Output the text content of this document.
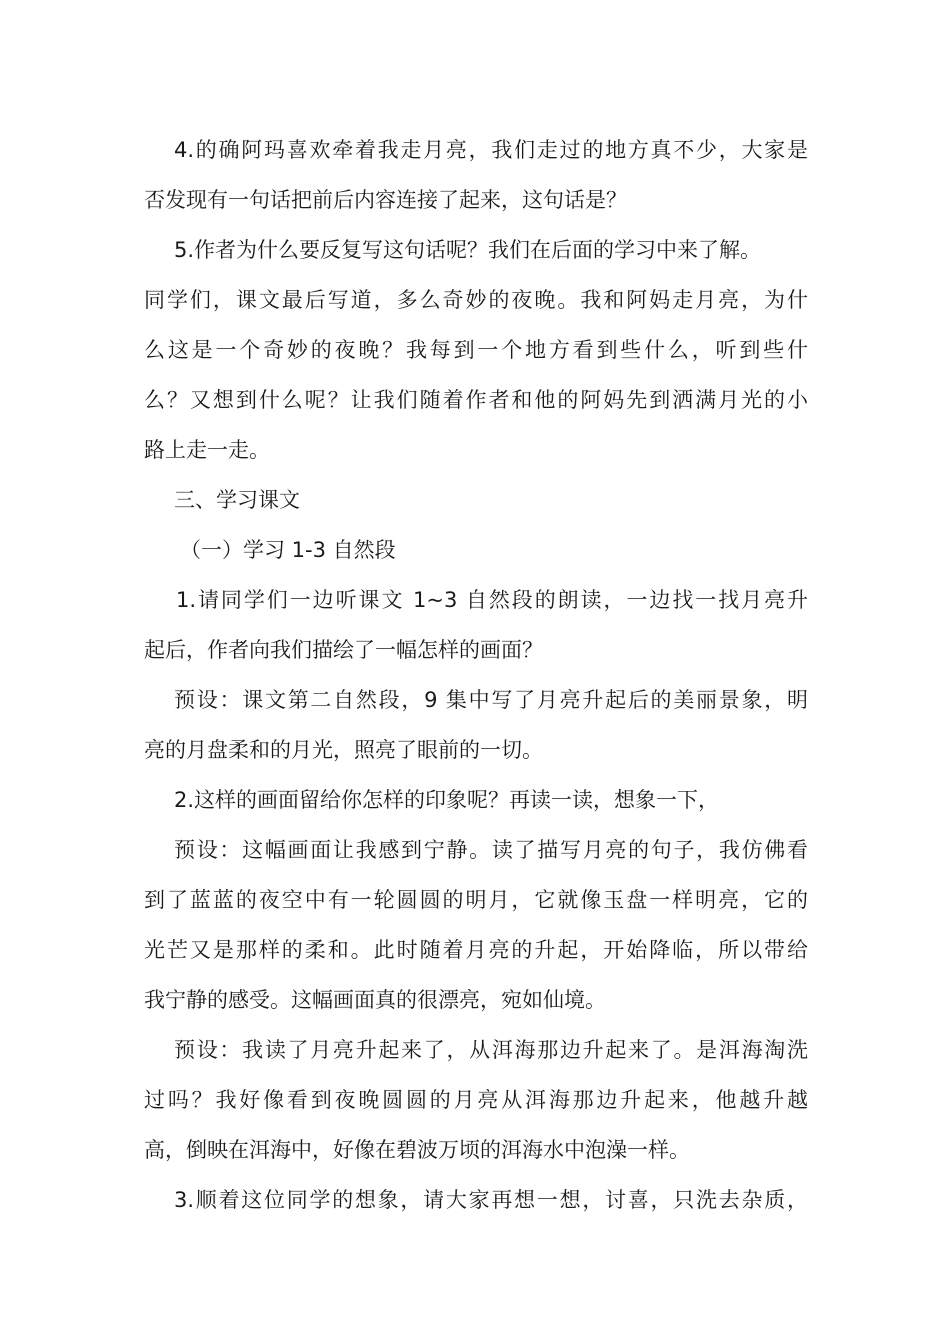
4.的确阿玛喜欢牵着我走月亮，我们走过的地方真不少，大家是
否发现有一句话把前后内容连接了起来，这句话是？
5.作者为什么要反复写这句话呢？我们在后面的学习中来了解。
同学们，课文最后写道，多么奇妙的夜晚。我和阿妈走月亮，为什
么这是一个奇妙的夜晚？我每到一个地方看到些什么，听到些什
么？又想到什么呢？让我们随着作者和他的阿妈先到洒满月光的小
路上走一走。
三、学习课文
（一）学习 1-3 自然段
1.请同学们一边听课文 1~3 自然段的朗读，一边找一找月亮升
起后，作者向我们描绘了一幅怎样的画面？
预设：课文第二自然段，9 集中写了月亮升起后的美丽景象，明
亮的月盘柔和的月光，照亮了眼前的一切。
2.这样的画面留给你怎样的印象呢？再读一读，想象一下，
预设：这幅画面让我感到宁静。读了描写月亮的句子，我仿佛看
到了蓝蓝的夜空中有一轮圆圆的明月，它就像玉盘一样明亮，它的
光芒又是那样的柔和。此时随着月亮的升起，开始降临，所以带给
我宁静的感受。这幅画面真的很漂亮，宛如仙境。
预设：我读了月亮升起来了，从洱海那边升起来了。是洱海淘洗
过吗？我好像看到夜晚圆圆的月亮从洱海那边升起来，他越升越
高，倒映在洱海中，好像在碧波万顷的洱海水中泡澡一样。
3.顺着这位同学的想象，请大家再想一想，讨喜，只洗去杂质，
